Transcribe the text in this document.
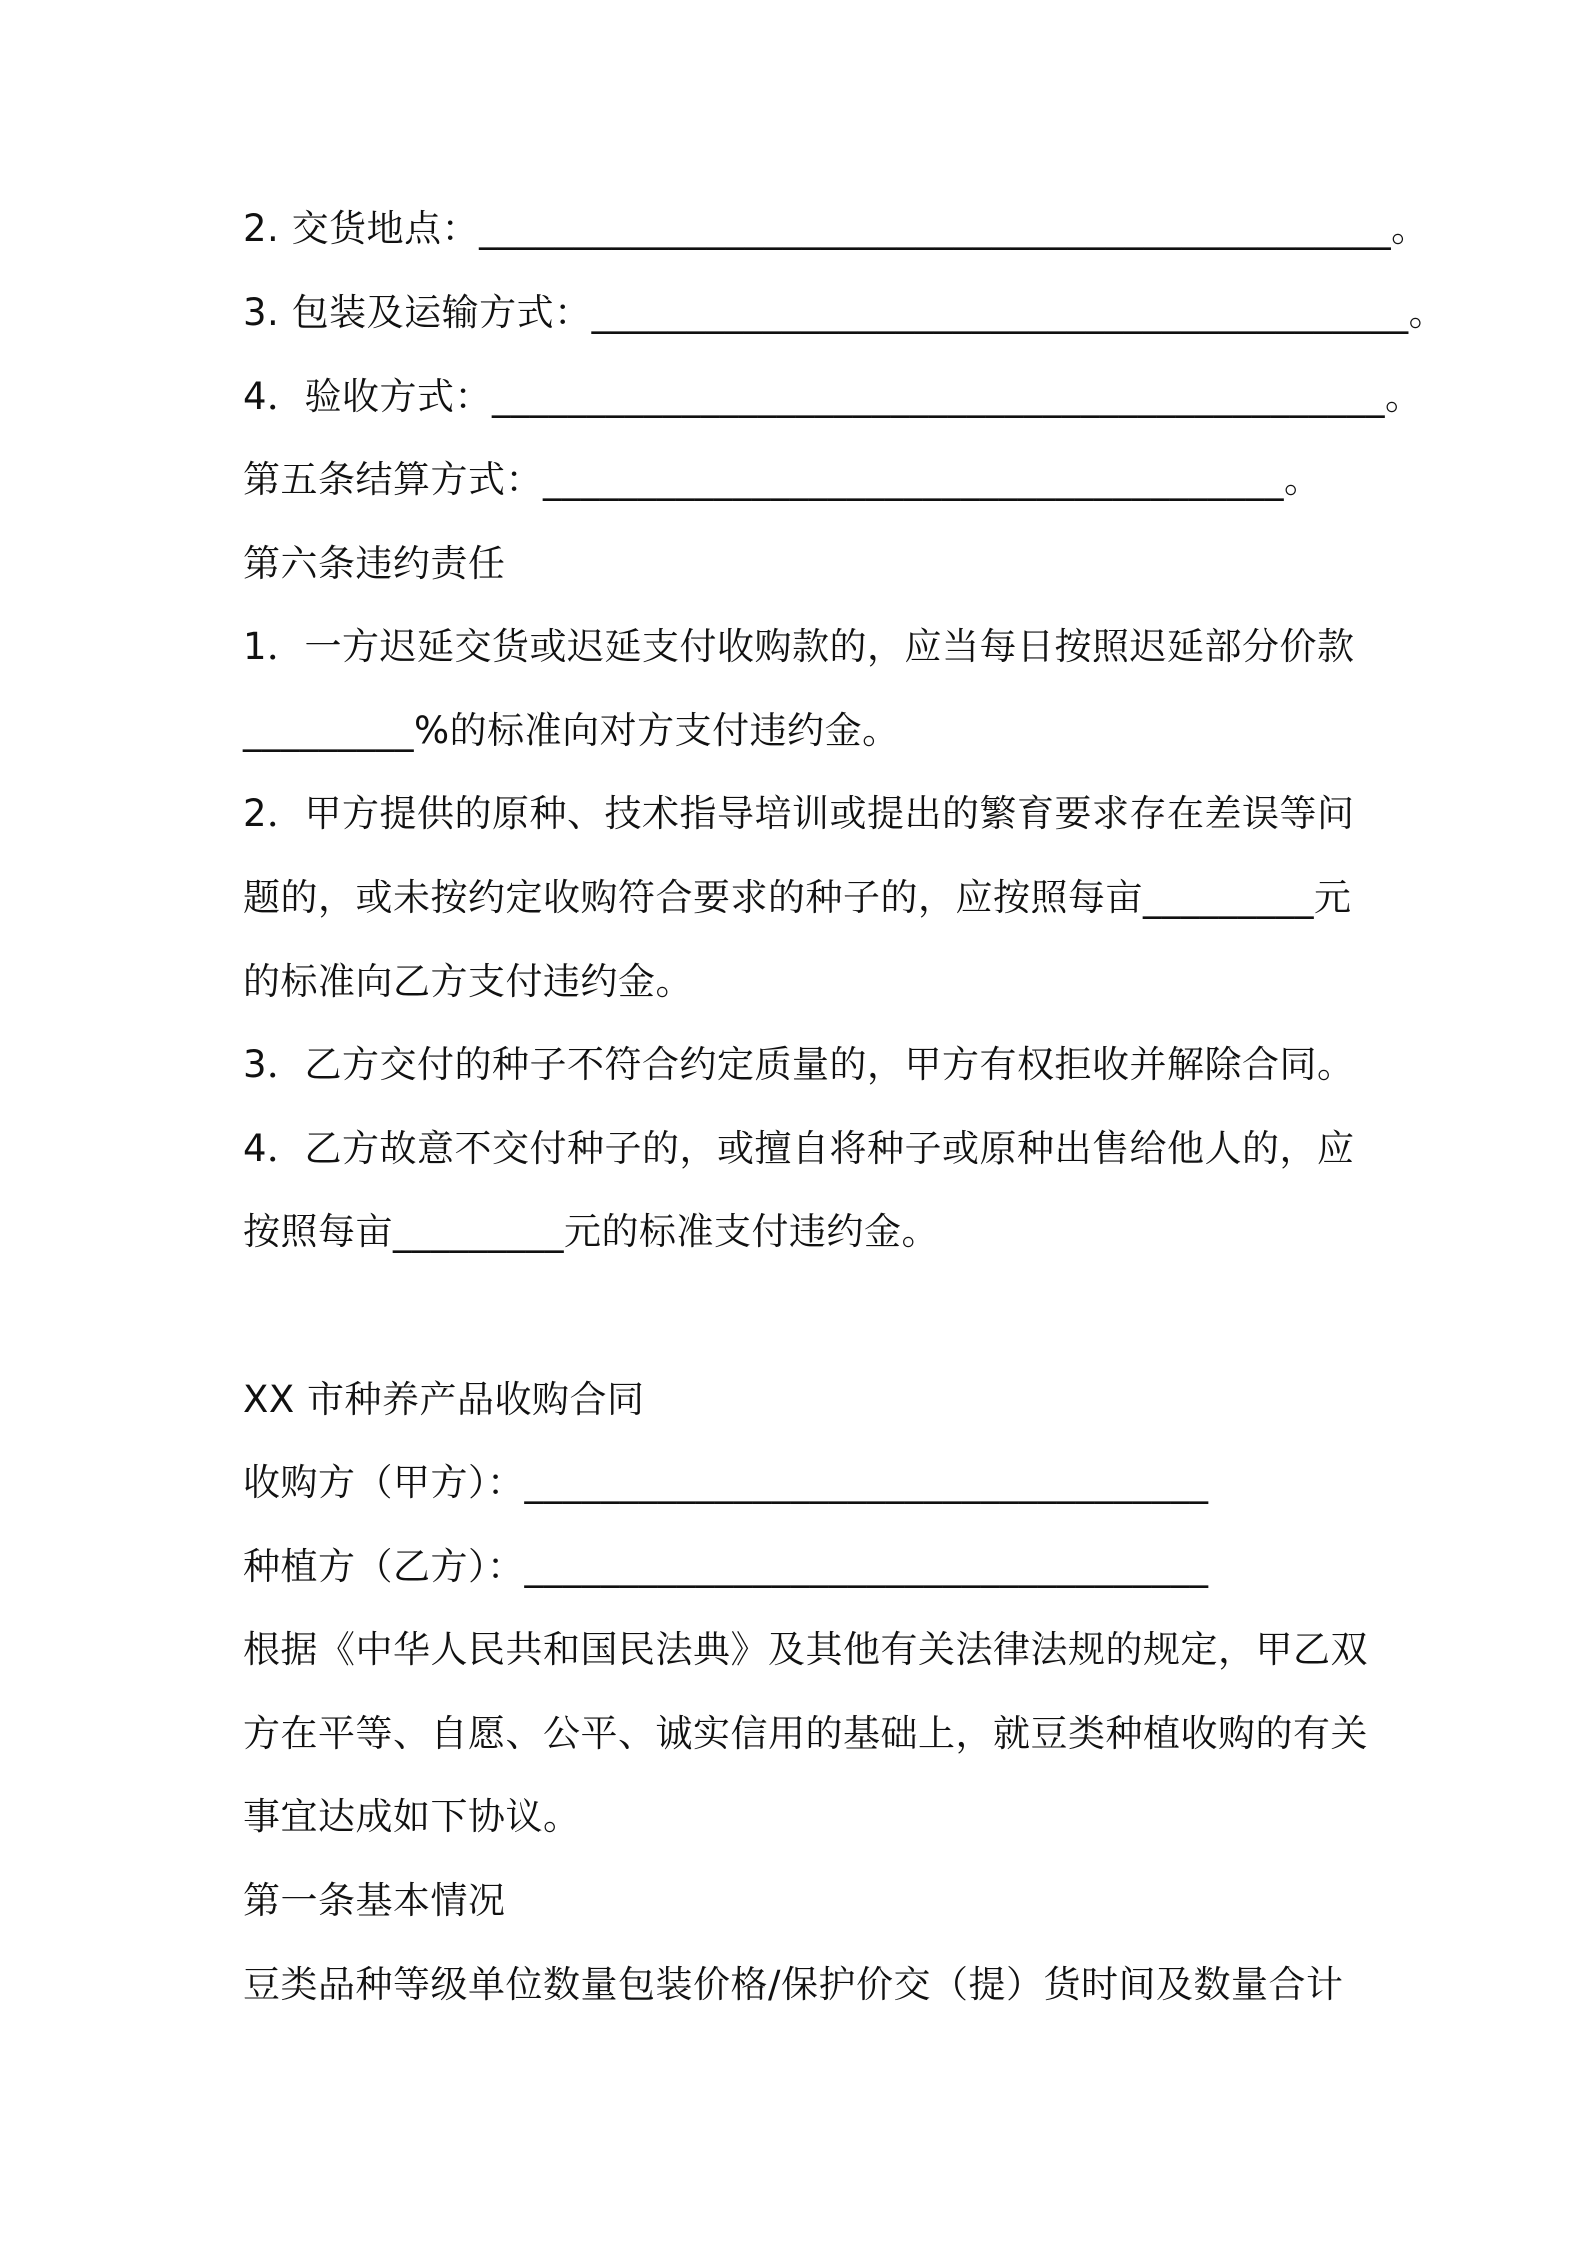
2. 交货地点：________________________________________________。
3. 包装及运输方式：___________________________________________。
4．验收方式：_______________________________________________。
第五条结算方式：_______________________________________。
第六条违约责任
1．一方迟延交货或迟延支付收购款的，应当每日按照迟延部分价款
_________%的标准向对方支付违约金。
2．甲方提供的原种、技术指导培训或提出的繁育要求存在差误等问
题的，或未按约定收购符合要求的种子的，应按照每亩_________元
的标准向乙方支付违约金。
3．乙方交付的种子不符合约定质量的，甲方有权拒收并解除合同。
4．乙方故意不交付种子的，或擅自将种子或原种出售给他人的，应
按照每亩_________元的标准支付违约金。
XX 市种养产品收购合同
收购方（甲方）：____________________________________
种植方（乙方）：____________________________________
根据《中华人民共和国民法典》及其他有关法律法规的规定，甲乙双
方在平等、自愿、公平、诚实信用的基础上，就豆类种植收购的有关
事宜达成如下协议。
第一条基本情况
豆类品种等级单位数量包装价格/保护价交（提）货时间及数量合计
